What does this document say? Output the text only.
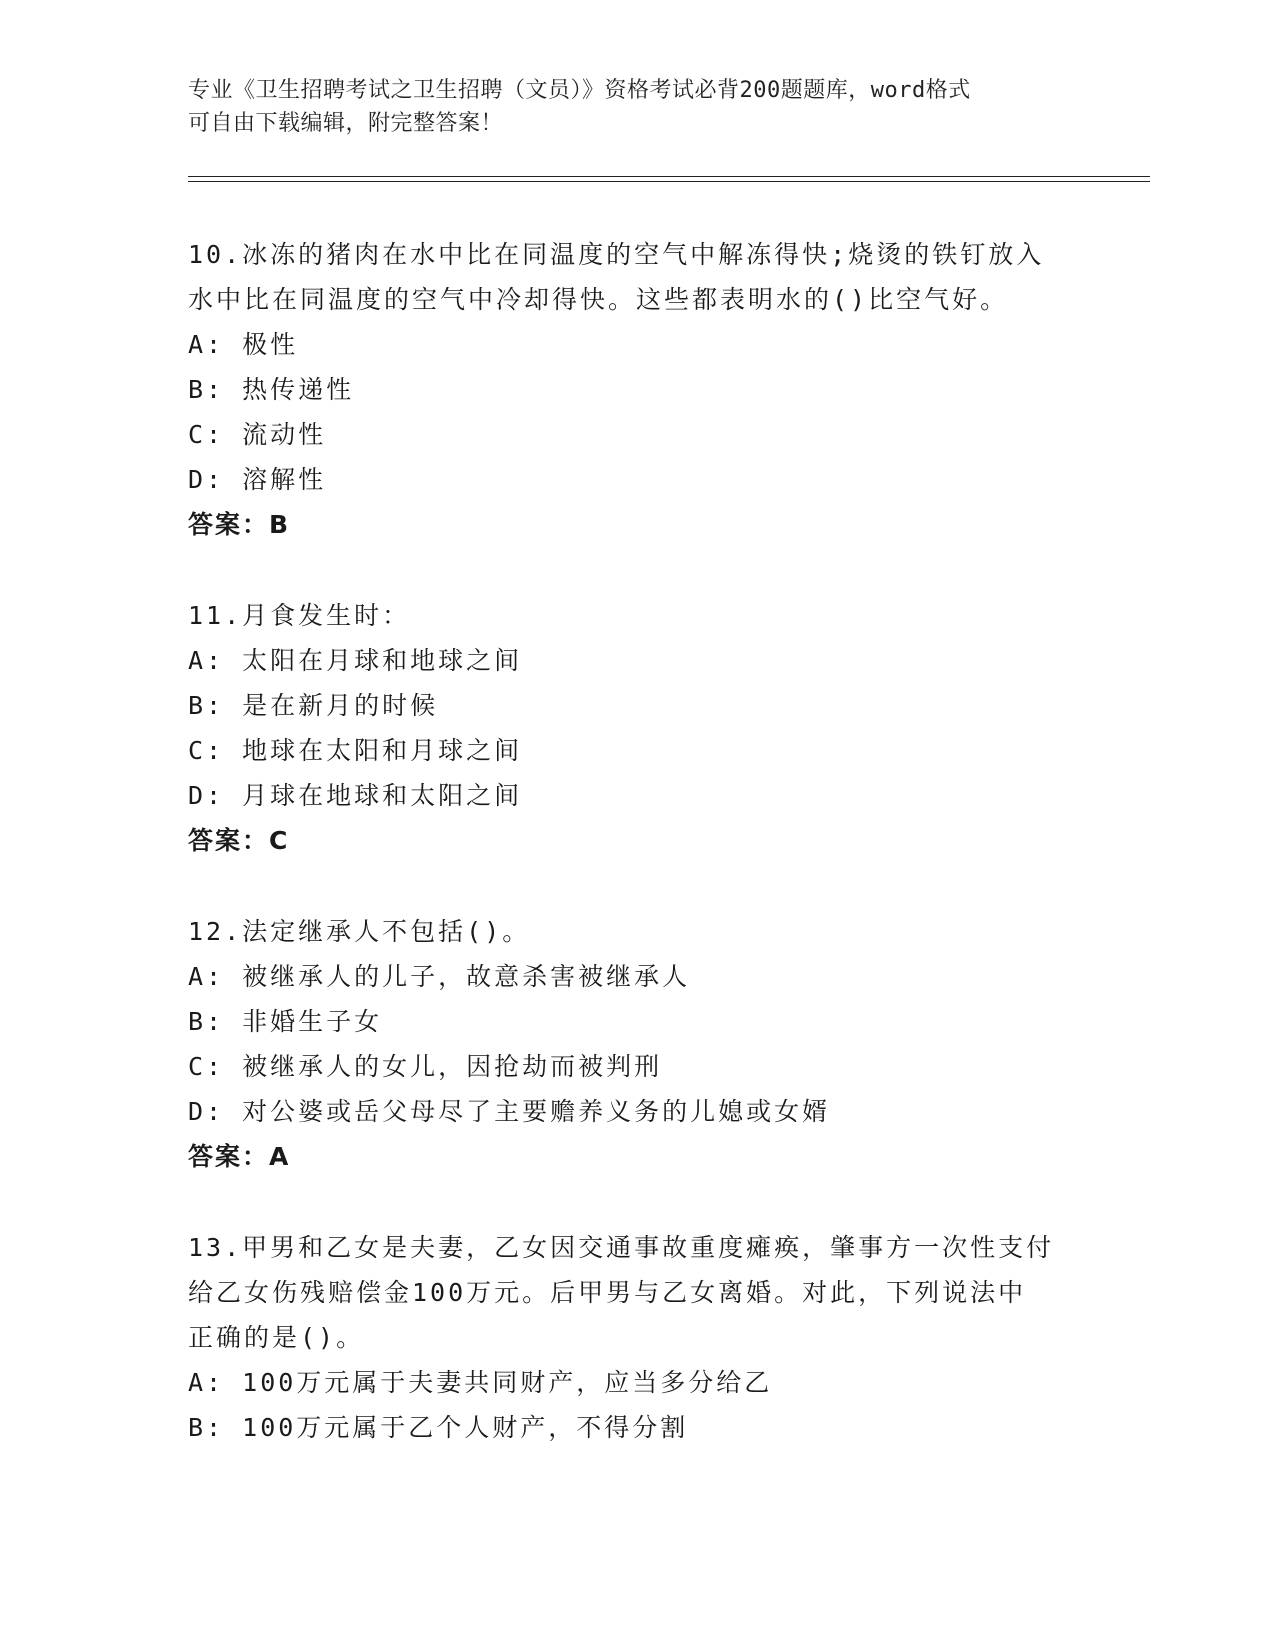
专业《卫生招聘考试之卫生招聘（文员）》资格考试必背200题题库，word格式
可自由下载编辑，附完整答案！
10.冰冻的猪肉在水中比在同温度的空气中解冻得快;烧烫的铁钉放入
水中比在同温度的空气中冷却得快。这些都表明水的()比空气好。
A: 极性
B: 热传递性
C: 流动性
D: 溶解性
答案：B
11.月食发生时：
A: 太阳在月球和地球之间
B: 是在新月的时候
C: 地球在太阳和月球之间
D: 月球在地球和太阳之间
答案：C
12.法定继承人不包括()。
A: 被继承人的儿子，故意杀害被继承人
B: 非婚生子女
C: 被继承人的女儿，因抢劫而被判刑
D: 对公婆或岳父母尽了主要赡养义务的儿媳或女婿
答案：A
13.甲男和乙女是夫妻，乙女因交通事故重度瘫痪，肇事方一次性支付
给乙女伤残赔偿金100万元。后甲男与乙女离婚。对此，下列说法中
正确的是()。
A: 100万元属于夫妻共同财产，应当多分给乙
B: 100万元属于乙个人财产，不得分割
